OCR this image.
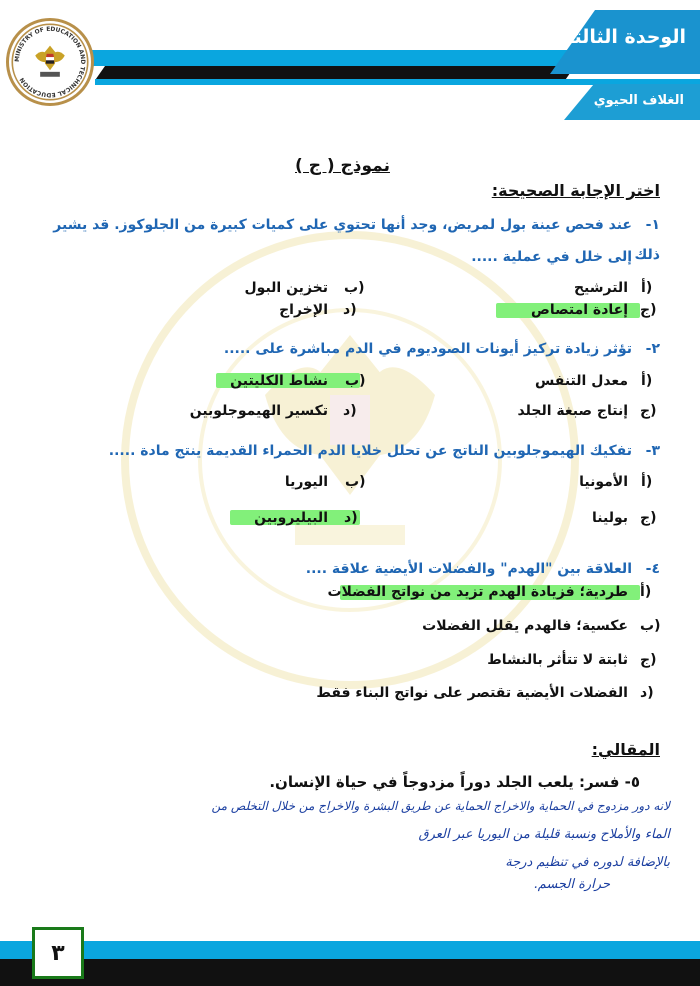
الوحدة الثالثة
الغلاف الحيوي
MINISTRY OF EDUCATION AND TECHNICAL EDUCATION
نموذج ( ج )
اختر الإجابة الصحيحة:
١-عند فحص عينة بول لمريض، وجد أنها تحتوي على كميات كبيرة من الجلوكوز. قد يشير ذلك
إلى خلل في عملية .....
أ)
الترشيح
ب)
تخزين البول
ج)
إعادة امتصاص
د)
الإخراج
٢-تؤثر زيادة تركيز أيونات الصوديوم في الدم مباشرة على .....
أ)
معدل التنفس
ب)
نشاط الكليتين
ج)
إنتاج صبغة الجلد
د)
تكسير الهيموجلوبين
٣-تفكيك الهيموجلوبين الناتج عن تحلل خلايا الدم الحمراء القديمة ينتج مادة .....
أ)
الأمونيا
ب)
اليوريا
ج)
بولينا
د)
البيليروبين
٤-العلاقة بين "الهدم" والفضلات الأيضية علاقة ....
أ)
طردية؛ فزيادة الهدم تزيد من نواتج الفضلات
ب)
عكسية؛ فالهدم يقلل الفضلات
ج)
ثابتة لا تتأثر بالنشاط
د)
الفضلات الأيضية تقتصر على نواتج البناء فقط
المقالي:
٥- فسر: يلعب الجلد دوراً مزدوجاً في حياة الإنسان.
لانه دور مزدوج في الحماية والاخراج الحماية عن طريق البشرة والاخراج من خلال التخلص من
الماء والأملاح ونسبة قليلة من اليوريا عبر العرق
بالإضافة لدوره في تنظيم درجة
حرارة الجسم.
٣
